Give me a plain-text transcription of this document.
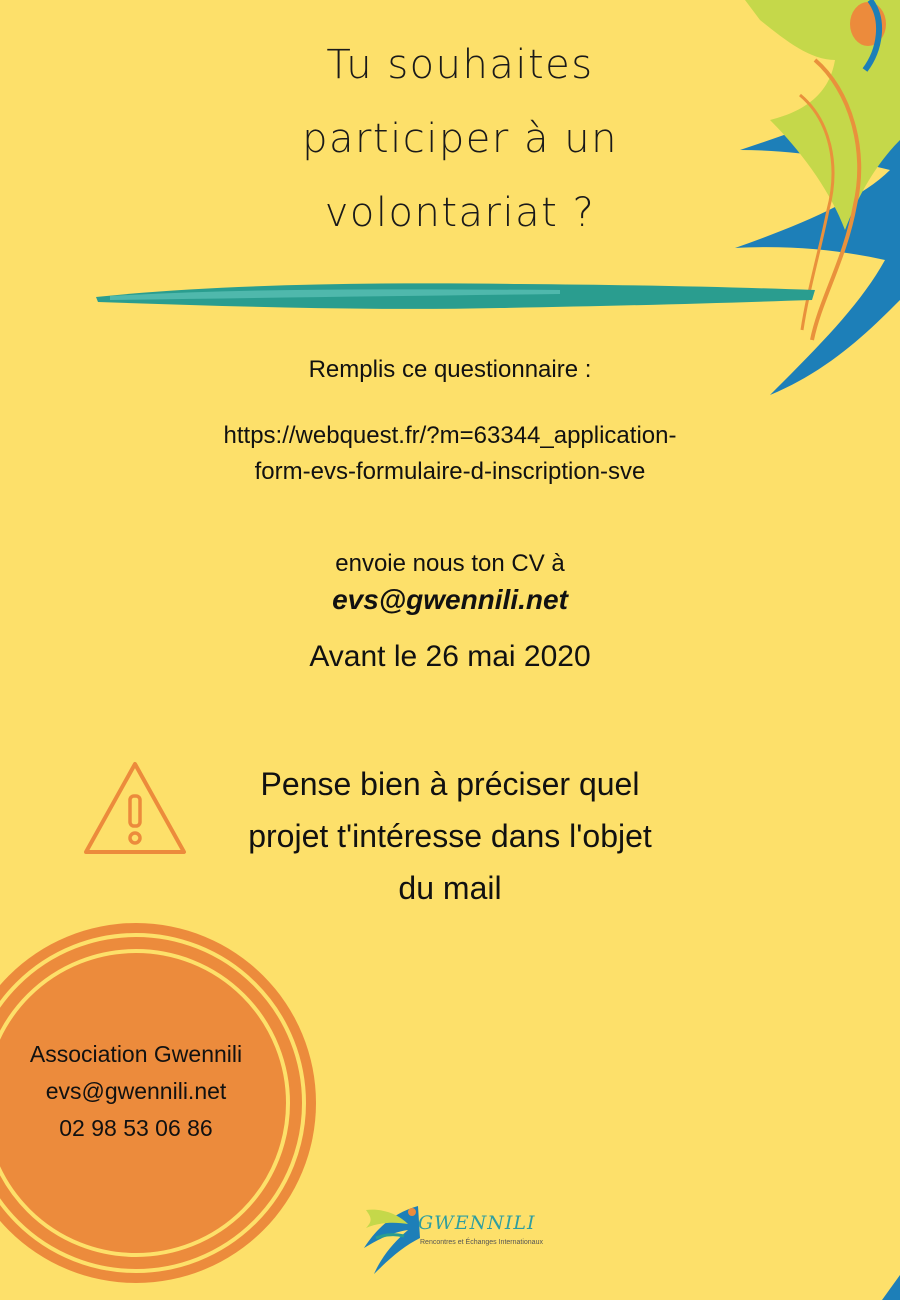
Tu souhaites
participer à un
volontariat ?
Remplis ce questionnaire :
https://webquest.fr/?m=63344_application-
form-evs-formulaire-d-inscription-sve
envoie nous ton CV à
evs@gwennili.net
Avant le 26 mai 2020
Pense bien à préciser quel
projet t'intéresse dans l'objet
du mail
Association Gwennili
evs@gwennili.net
02 98 53 06 86
GWENNILI
Rencontres et Échanges Internationaux
